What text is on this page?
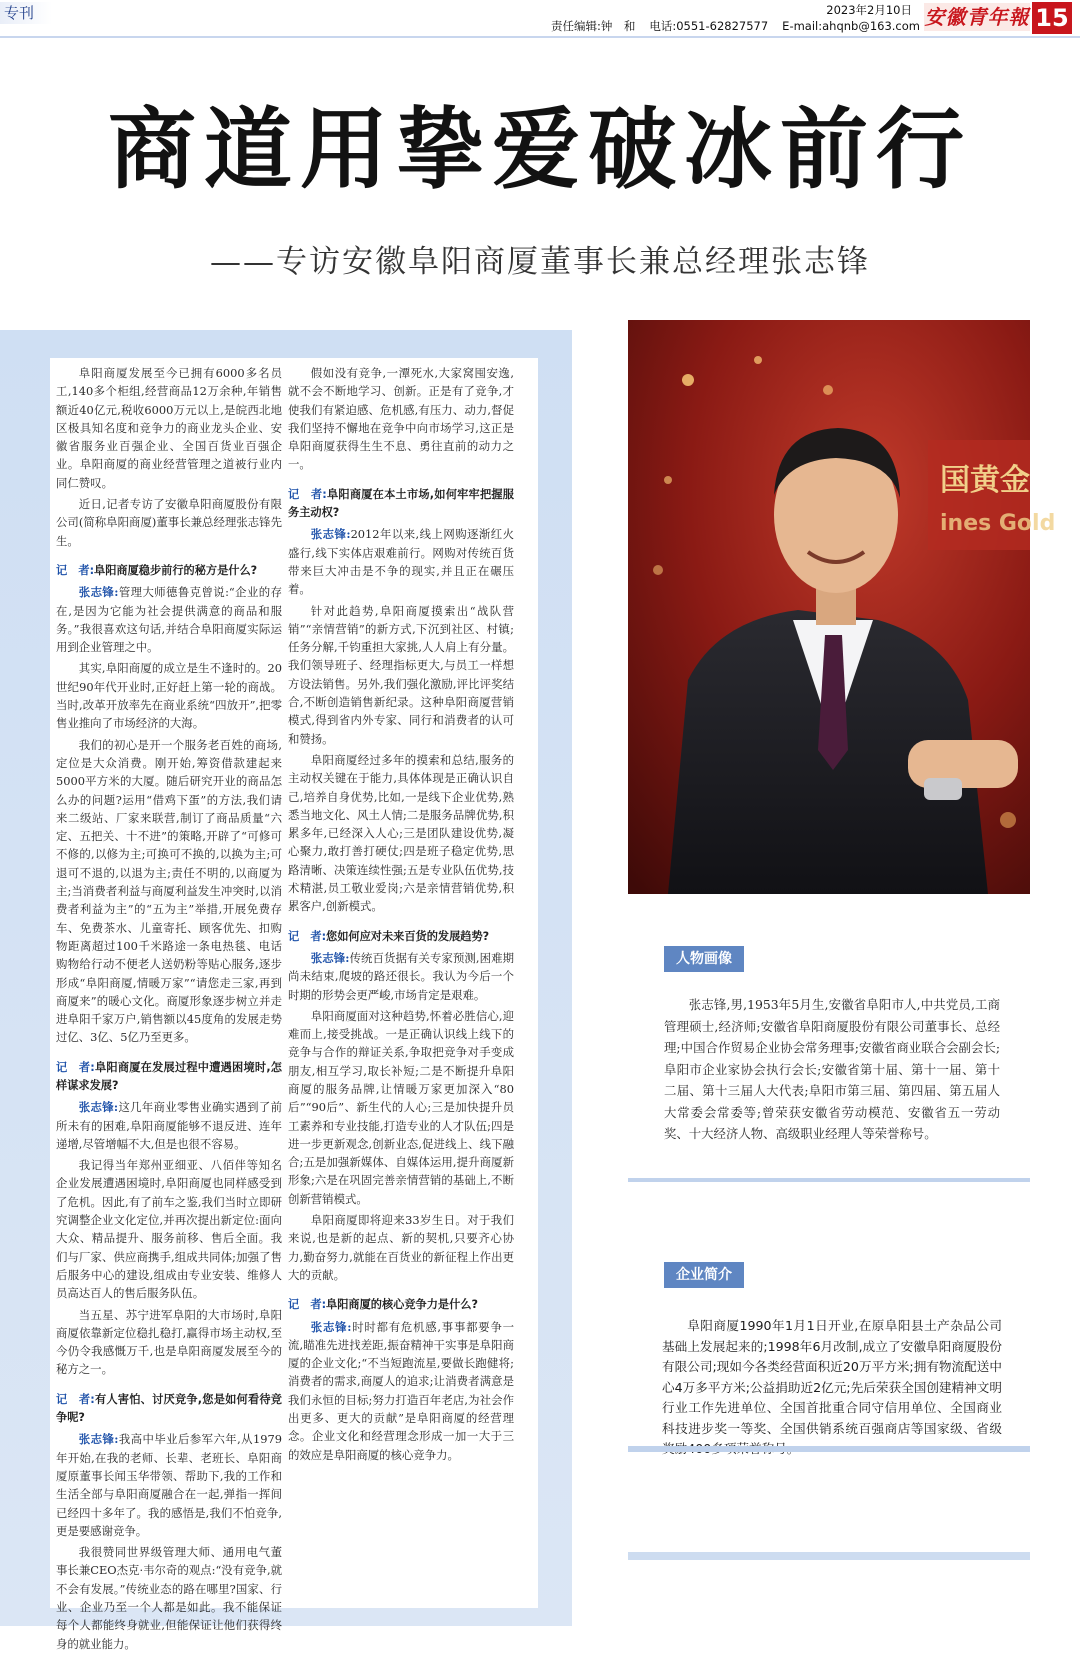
专刊	2023年2月10日
责任编辑:钟　和 电话:0551-62827577 E-mail:ahqnb@163.com 安徽青年報 15
商道用挚爱破冰前行
——专访安徽阜阳商厦董事长兼总经理张志锋

阜阳商厦发展至今已拥有6000多名员工,140多个柜组,经营商品12万余种,年销售额近40亿元,税收6000万元以上,是皖西北地区极具知名度和竞争力的商业龙头企业、安徽省服务业百强企业、全国百货业百强企业。阜阳商厦的商业经营管理之道被行业内同仁赞叹。

近日,记者专访了安徽阜阳商厦股份有限公司(简称阜阳商厦)董事长兼总经理张志锋先生。

记　者:阜阳商厦稳步前行的秘方是什么?

张志锋:管理大师德鲁克曾说:“企业的存在,是因为它能为社会提供满意的商品和服务。”我很喜欢这句话,并结合阜阳商厦实际运用到企业管理之中。

其实,阜阳商厦的成立是生不逢时的。20世纪90年代开业时,正好赶上第一轮的商战。当时,改革开放率先在商业系统“四放开”,把零售业推向了市场经济的大海。

我们的初心是开一个服务老百姓的商场,定位是大众消费。刚开始,筹资借款建起来5000平方米的大厦。随后研究开业的商品怎么办的问题?运用“借鸡下蛋”的方法,我们请来二级站、厂家来联营,制订了商品质量“六定、五把关、十不进”的策略,开辟了“可修可不修的,以修为主;可换可不换的,以换为主;可退可不退的,以退为主;责任不明的,以商厦为主;当消费者利益与商厦利益发生冲突时,以消费者利益为主”的“五为主”举措,开展免费存车、免费茶水、儿童寄托、顾客优先、扣购物距离超过100千米路途一条电热毯、电话购物给行动不便老人送奶粉等贴心服务,逐步形成“阜阳商厦,情暖万家”“请您走三家,再到商厦来”的暖心文化。商厦形象逐步树立并走进阜阳千家万户,销售额以45度角的发展走势过亿、3亿、5亿乃至更多。

记　者:阜阳商厦在发展过程中遭遇困境时,怎样谋求发展?

张志锋:这几年商业零售业确实遇到了前所未有的困难,阜阳商厦能够不退反进、连年递增,尽管增幅不大,但是也很不容易。

我记得当年郑州亚细亚、八佰伴等知名企业发展遭遇困境时,阜阳商厦也同样感受到了危机。因此,有了前车之鉴,我们当时立即研究调整企业文化定位,并再次提出新定位:面向大众、精品提升、服务前移、售后全面。我们与厂家、供应商携手,组成共同体;加强了售后服务中心的建设,组成由专业安装、维修人员高达百人的售后服务队伍。

当五星、苏宁进军阜阳的大市场时,阜阳商厦依靠新定位稳扎稳打,赢得市场主动权,至今仍令我感慨万千,也是阜阳商厦发展至今的秘方之一。

记　者:有人害怕、讨厌竞争,您是如何看待竞争呢?

张志锋:我高中毕业后参军六年,从1979年开始,在我的老师、长辈、老班长、阜阳商厦原董事长闻玉华带领、帮助下,我的工作和生活全部与阜阳商厦融合在一起,弹指一挥间已经四十多年了。我的感悟是,我们不怕竞争,更是要感谢竞争。

我很赞同世界级管理大师、通用电气董事长兼CEO杰克·韦尔奇的观点:“没有竞争,就不会有发展。”传统业态的路在哪里?国家、行业、企业乃至一个人都是如此。我不能保证每个人都能终身就业,但能保证让他们获得终身的就业能力。

假如没有竞争,一潭死水,大家窝囤安逸,就不会不断地学习、创新。正是有了竞争,才使我们有紧迫感、危机感,有压力、动力,督促我们坚持不懈地在竞争中向市场学习,这正是阜阳商厦获得生生不息、勇往直前的动力之一。

记　者:阜阳商厦在本土市场,如何牢牢把握服务主动权?

张志锋:2012年以来,线上网购逐渐红火盛行,线下实体店艰难前行。网购对传统百货带来巨大冲击是不争的现实,并且正在碾压着。

针对此趋势,阜阳商厦摸索出“战队营销”“亲情营销”的新方式,下沉到社区、村镇;任务分解,千钧重担大家挑,人人肩上有分量。我们领导班子、经理指标更大,与员工一样想方设法销售。另外,我们强化激励,评比评奖结合,不断创造销售新纪录。这种阜阳商厦营销模式,得到省内外专家、同行和消费者的认可和赞扬。

阜阳商厦经过多年的摸索和总结,服务的主动权关键在于能力,具体体现是正确认识自己,培养自身优势,比如,一是线下企业优势,熟悉当地文化、风土人情;二是服务品牌优势,积累多年,已经深入人心;三是团队建设优势,凝心聚力,敢打善打硬仗;四是班子稳定优势,思路清晰、决策连续性强;五是专业队伍优势,技术精湛,员工敬业爱岗;六是亲情营销优势,积累客户,创新模式。

记　者:您如何应对未来百货的发展趋势?

张志锋:传统百货据有关专家预测,困难期尚未结束,爬坡的路还很长。我认为今后一个时期的形势会更严峻,市场肯定是艰难。

阜阳商厦面对这种趋势,怀着必胜信心,迎难而上,接受挑战。一是正确认识线上线下的竞争与合作的辩证关系,争取把竞争对手变成朋友,相互学习,取长补短;二是不断提升阜阳商厦的服务品牌,让情暖万家更加深入“80后”“90后”、新生代的人心;三是加快提升员工素养和专业技能,打造专业的人才队伍;四是进一步更新观念,创新业态,促进线上、线下融合;五是加强新媒体、自媒体运用,提升商厦新形象;六是在巩固完善亲情营销的基础上,不断创新营销模式。

阜阳商厦即将迎来33岁生日。对于我们来说,也是新的起点、新的契机,只要齐心协力,勤奋努力,就能在百货业的新征程上作出更大的贡献。

记　者:阜阳商厦的核心竞争力是什么?

张志锋:时时都有危机感,事事都要争一流,瞄准先进找差距,振奋精神干实事是阜阳商厦的企业文化;“不当短跑流星,要做长跑健将;消费者的需求,商厦人的追求;让消费者满意是我们永恒的目标;努力打造百年老店,为社会作出更多、更大的贡献”是阜阳商厦的经营理念。企业文化和经营理念形成一加一大于三的效应是阜阳商厦的核心竞争力。

国黄金
ines Gold
人物画像
张志锋,男,1953年5月生,安徽省阜阳市人,中共党员,工商管理硕士,经济师;安徽省阜阳商厦股份有限公司董事长、总经理;中国合作贸易企业协会常务理事;安徽省商业联合会副会长;阜阳市企业家协会执行会长;安徽省第十届、第十一届、第十二届、第十三届人大代表;阜阳市第三届、第四届、第五届人大常委会常委等;曾荣获安徽省劳动模范、安徽省五一劳动奖、十大经济人物、高级职业经理人等荣誉称号。
企业简介
阜阳商厦1990年1月1日开业,在原阜阳县土产杂品公司基础上发展起来的;1998年6月改制,成立了安徽阜阳商厦股份有限公司;现如今各类经营面积近20万平方米;拥有物流配送中心4万多平方米;公益捐助近2亿元;先后荣获全国创建精神文明行业工作先进单位、全国首批重合同守信用单位、全国商业科技进步奖一等奖、全国供销系统百强商店等国家级、省级
